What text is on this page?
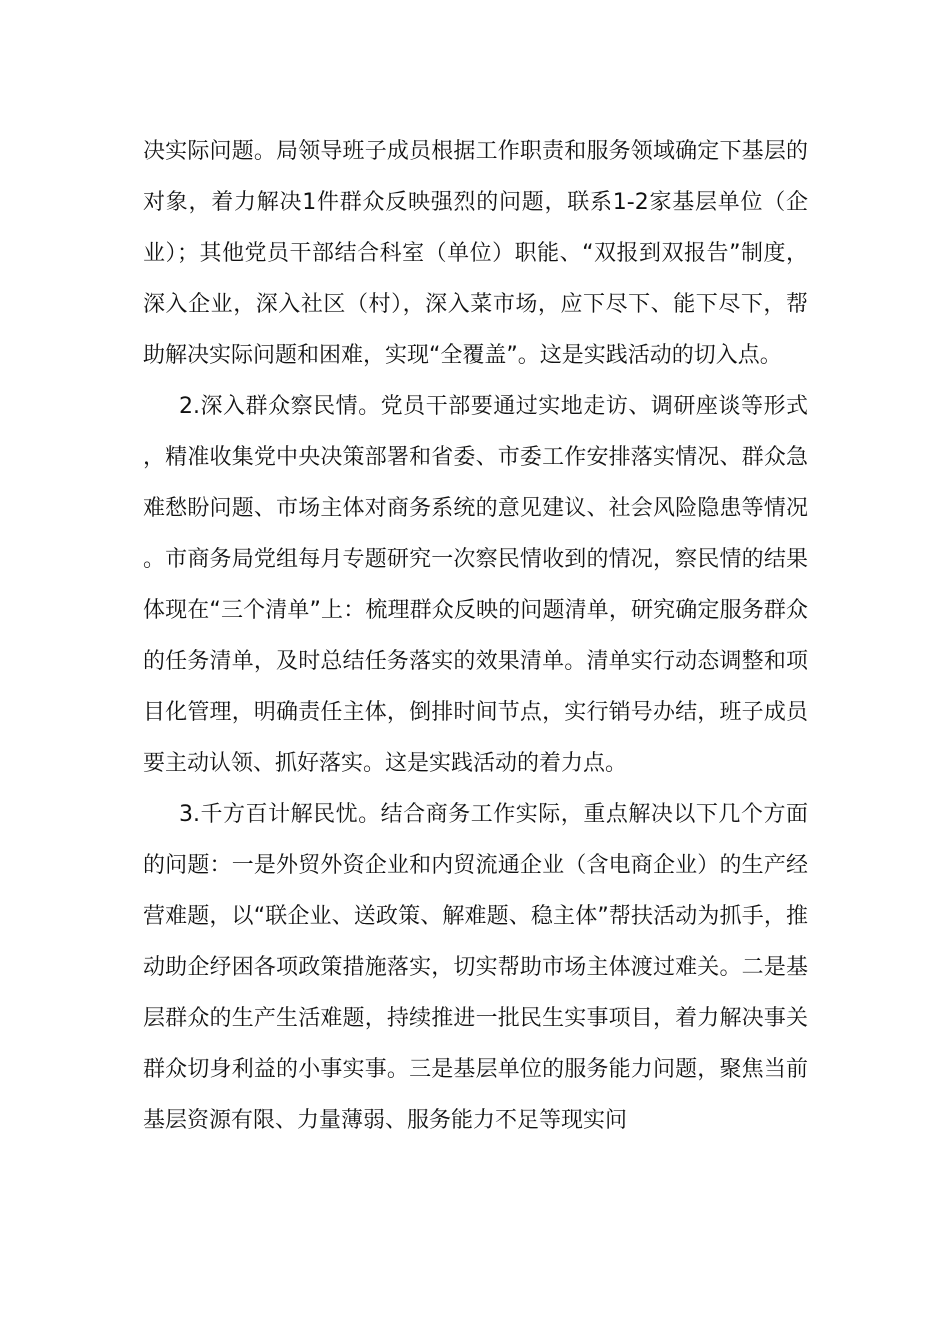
决实际问题。局领导班子成员根据工作职责和服务领域确定下基层的对象，着力解决1件群众反映强烈的问题，联系1-2家基层单位（企业）；其他党员干部结合科室（单位）职能、“双报到双报告”制度，深入企业，深入社区（村），深入菜市场，应下尽下、能下尽下，帮助解决实际问题和困难，实现“全覆盖”。这是实践活动的切入点。

2.深入群众察民情。党员干部要通过实地走访、调研座谈等形式，精准收集党中央决策部署和省委、市委工作安排落实情况、群众急难愁盼问题、市场主体对商务系统的意见建议、社会风险隐患等情况。市商务局党组每月专题研究一次察民情收到的情况，察民情的结果体现在“三个清单”上：梳理群众反映的问题清单，研究确定服务群众的任务清单，及时总结任务落实的效果清单。清单实行动态调整和项目化管理，明确责任主体，倒排时间节点，实行销号办结，班子成员要主动认领、抓好落实。这是实践活动的着力点。

3.千方百计解民忧。结合商务工作实际，重点解决以下几个方面的问题：一是外贸外资企业和内贸流通企业（含电商企业）的生产经营难题，以“联企业、送政策、解难题、稳主体”帮扶活动为抓手，推动助企纾困各项政策措施落实，切实帮助市场主体渡过难关。二是基层群众的生产生活难题，持续推进一批民生实事项目，着力解决事关群众切身利益的小事实事。三是基层单位的服务能力问题，聚焦当前基层资源有限、力量薄弱、服务能力不足等现实问
